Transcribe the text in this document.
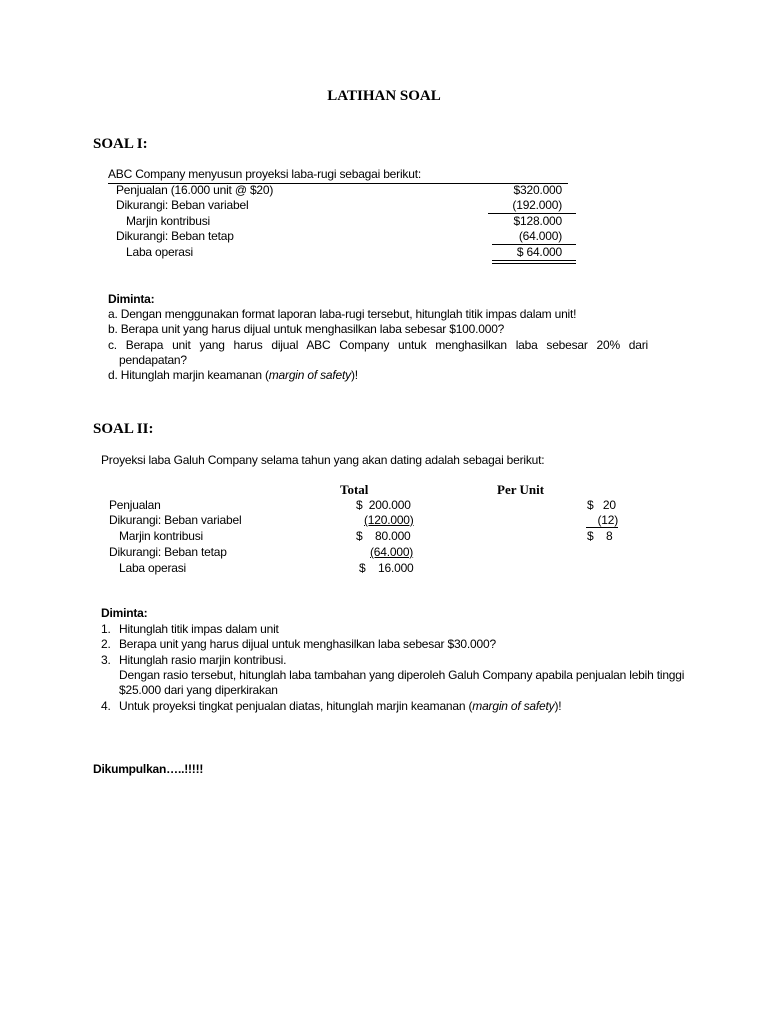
LATIHAN SOAL
SOAL I:
ABC Company menyusun proyeksi laba-rugi sebagai berikut:
Penjualan (16.000 unit @ $20)	$320.000
Dikurangi: Beban variabel	(192.000)
Marjin kontribusi	$128.000
Dikurangi: Beban tetap	(64.000)
Laba operasi	$ 64.000
Diminta:
a. Dengan menggunakan format laporan laba-rugi tersebut, hitunglah titik impas dalam unit!
b. Berapa unit yang harus dijual untuk menghasilkan laba sebesar $100.000?
c. Berapa unit yang harus dijual ABC Company untuk menghasilkan laba sebesar 20% dari
pendapatan?
d. Hitunglah marjin keamanan (margin of safety)!
SOAL II:
Proyeksi laba Galuh Company selama tahun yang akan dating adalah sebagai berikut:
Total	Per Unit
Penjualan	$  200.000	$   20
Dikurangi: Beban variabel	(120.000)	(12)
Marjin kontribusi	$    80.000	$    8
Dikurangi: Beban tetap	(64.000)
Laba operasi	$    16.000
Diminta:
1. Hitunglah titik impas dalam unit
2. Berapa unit yang harus dijual untuk menghasilkan laba sebesar $30.000?
3. Hitunglah rasio marjin kontribusi.
Dengan rasio tersebut, hitunglah laba tambahan yang diperoleh Galuh Company apabila penjualan lebih tinggi
$25.000 dari yang diperkirakan
4. Untuk proyeksi tingkat penjualan diatas, hitunglah marjin keamanan (margin of safety)!
Dikumpulkan…..!!!!!
